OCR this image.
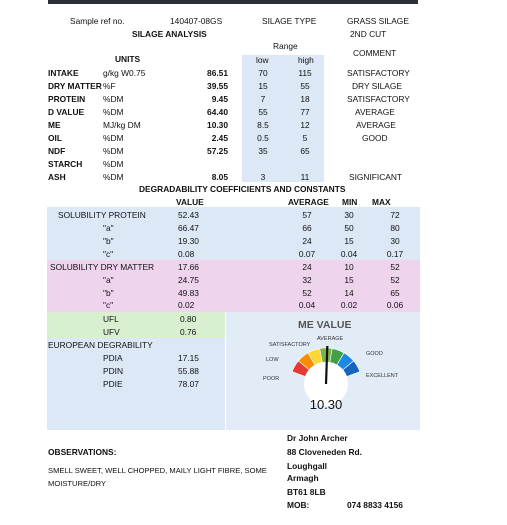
Sample ref no.	140407-08GS	SILAGE TYPE	GRASS SILAGE
2ND CUT
SILAGE ANALYSIS
Range
COMMENT
UNITS	low	high
INTAKE	g/kg W0.75	86.51	70	115	SATISFACTORY
DRY MATTER %F	39.55	15	55	DRY SILAGE
PROTEIN %DM	9.45	7	18	SATISFACTORY
D VALUE %DM	64.40	55	77	AVERAGE
ME	MJ/kg DM	10.30	8.5	12	AVERAGE
OIL	%DM	2.45	0.5	5	GOOD
NDF	%DM	57.25	35	65
STARCH %DM
ASH	%DM	8.05	3	11	SIGNIFICANT
DEGRADABILITY COEFFICIENTS AND CONSTANTS
VALUE	AVERAGE MIN MAX
SOLUBILITY PROTEIN	52.43	57	30	72
"a"	66.47	66	50	80
"b"	19.30	24	15	30
"c"	0.08	0.07	0.04	0.17
SOLUBILITY DRY MATTER	17.66	24	10	52
"a"	24.75	32	15	52
"b"	49.83	52	14	65
"c"	0.02	0.04	0.02	0.06
UFL	0.80
UFV	0.76
EUROPEAN DEGRABILITY
PDIA	17.15
PDIN	55.88
PDIE	78.07
ME VALUE
SATISFACTORY
AVERAGE
GOOD
LOW
EXCELLENT
POOR
10.30
OBSERVATIONS:
SMELL SWEET, WELL CHOPPED, MAILY LIGHT FIBRE, SOME
MOISTURE/DRY
Dr John Archer
88 Cloveneden Rd.
Loughgall
Armagh
BT61 8LB
MOB:	074 8833 4156
